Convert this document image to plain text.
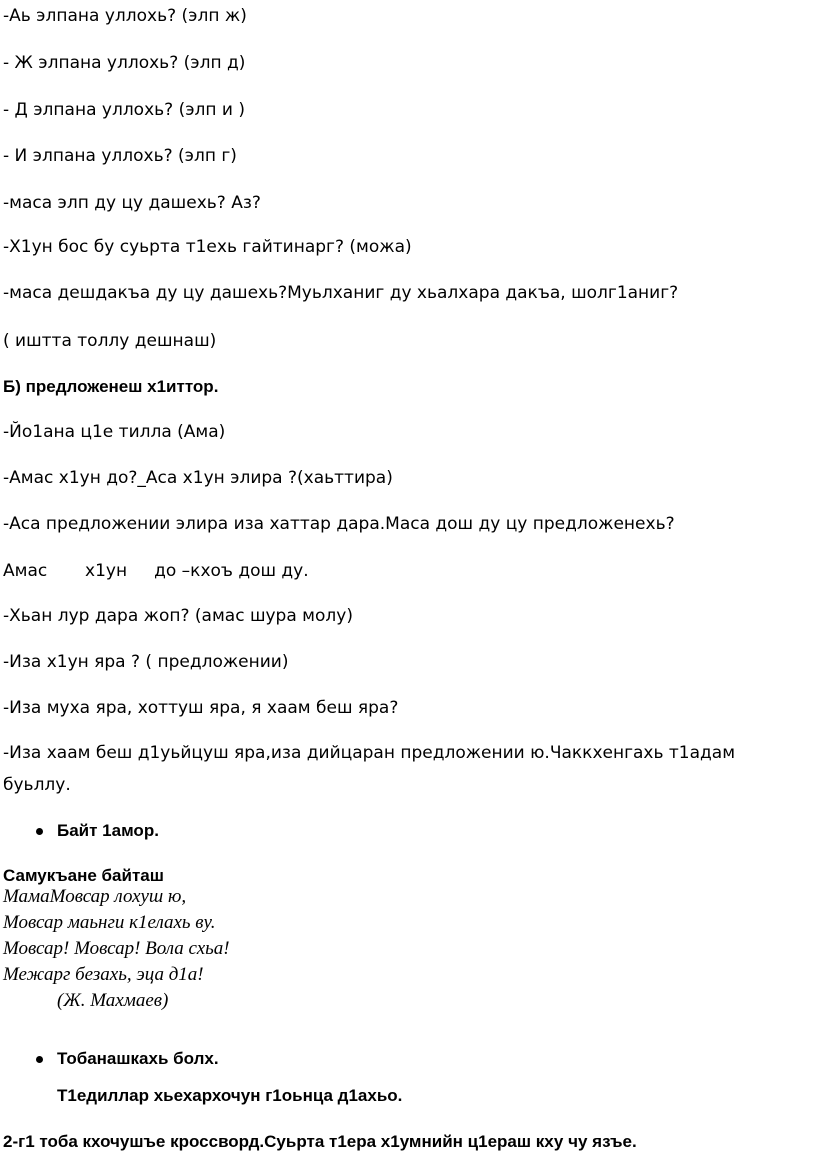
-Аь элпана уллохь? (элп ж)
- Ж элпана уллохь? (элп д)
- Д элпана уллохь? (элп и )
- И элпана уллохь? (элп г)
-маса элп ду цу дашехь? Аз?
-Х1ун бос бу суьрта т1ехь гайтинарг? (можа)
-маса дешдакъа ду цу дашехь?Муьлханиг ду хьалхара дакъа, шолг1аниг?
( иштта толлу дешнаш)
Б) предложенеш х1иттор.
-Йо1ана ц1е тилла (Ама)
-Амас х1ун до?_Аса х1ун элира ?(хаьттира)
-Аса предложении элира иза хаттар дара.Маса дош ду цу предложенехь?
Амас       х1ун     до –кхоъ дош ду.
-Хьан лур дара жоп? (амас шура молу)
-Иза х1ун яра ? ( предложении)
-Иза муха яра, хоттуш яра, я хаам беш яра?
-Иза хаам беш д1уьйцуш яра,иза дийцаран предложении ю.Чаккхенгахь т1адам
буьллу.
Байт 1амор.
Самукъане байташ
МамаМовсар лохуш ю,
Мовсар маьнги к1елахь ву.
Мовсар! Мовсар! Вола схьа!
Межарг безахь, эца д1а!
(Ж. Махмаев)
Тобанашкахь болх.
Т1едиллар хьехархочун г1оьнца д1ахьо.
2-г1 тоба кхочушъе кроссворд.Суьрта т1ера х1умнийн ц1ераш кху чу язъе.
